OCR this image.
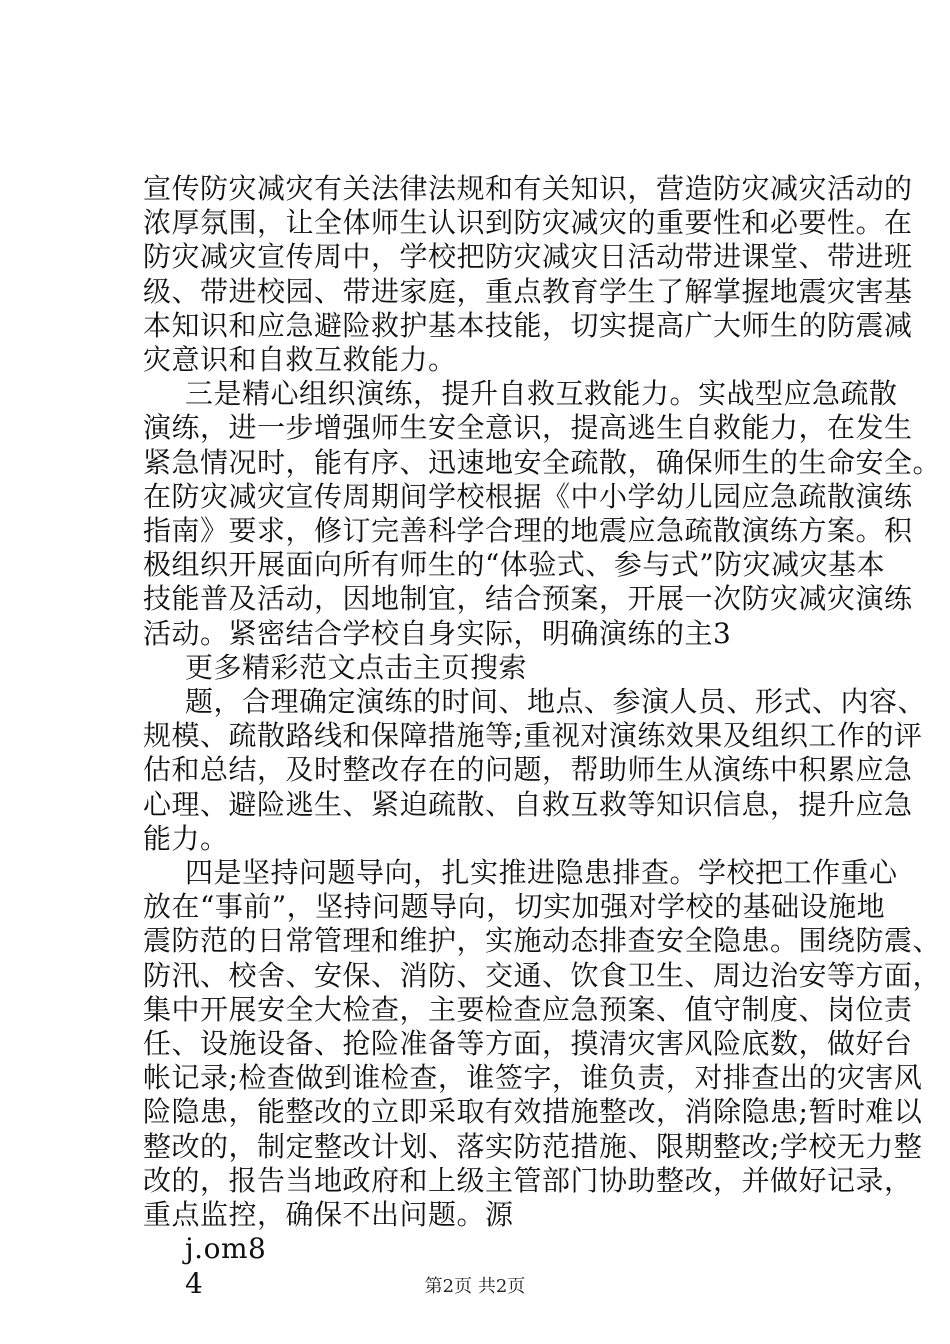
宣传防灾减灾有关法律法规和有关知识，营造防灾减灾活动的
浓厚氛围，让全体师生认识到防灾减灾的重要性和必要性。在
防灾减灾宣传周中，学校把防灾减灾日活动带进课堂、带进班
级、带进校园、带进家庭，重点教育学生了解掌握地震灾害基
本知识和应急避险救护基本技能，切实提高广大师生的防震减
灾意识和自救互救能力。
三是精心组织演练，提升自救互救能力。实战型应急疏散
演练，进一步增强师生安全意识，提高逃生自救能力，在发生
紧急情况时，能有序、迅速地安全疏散，确保师生的生命安全。
在防灾减灾宣传周期间学校根据《中小学幼儿园应急疏散演练
指南》要求，修订完善科学合理的地震应急疏散演练方案。积
极组织开展面向所有师生的“体验式、参与式”防灾减灾基本
技能普及活动，因地制宜，结合预案，开展一次防灾减灾演练
活动。紧密结合学校自身实际，明确演练的主3
更多精彩范文点击主页搜索
题，合理确定演练的时间、地点、参演人员、形式、内容、
规模、疏散路线和保障措施等;重视对演练效果及组织工作的评
估和总结，及时整改存在的问题，帮助师生从演练中积累应急
心理、避险逃生、紧迫疏散、自救互救等知识信息，提升应急
能力。
四是坚持问题导向，扎实推进隐患排查。学校把工作重心
放在“事前”，坚持问题导向，切实加强对学校的基础设施地
震防范的日常管理和维护，实施动态排查安全隐患。围绕防震、
防汛、校舍、安保、消防、交通、饮食卫生、周边治安等方面，
集中开展安全大检查，主要检查应急预案、值守制度、岗位责
任、设施设备、抢险准备等方面，摸清灾害风险底数，做好台
帐记录;检查做到谁检查，谁签字，谁负责，对排查出的灾害风
险隐患，能整改的立即采取有效措施整改，消除隐患;暂时难以
整改的，制定整改计划、落实防范措施、限期整改;学校无力整
改的，报告当地政府和上级主管部门协助整改，并做好记录，
重点监控，确保不出问题。源
j.om8
4	第2页 共2页
